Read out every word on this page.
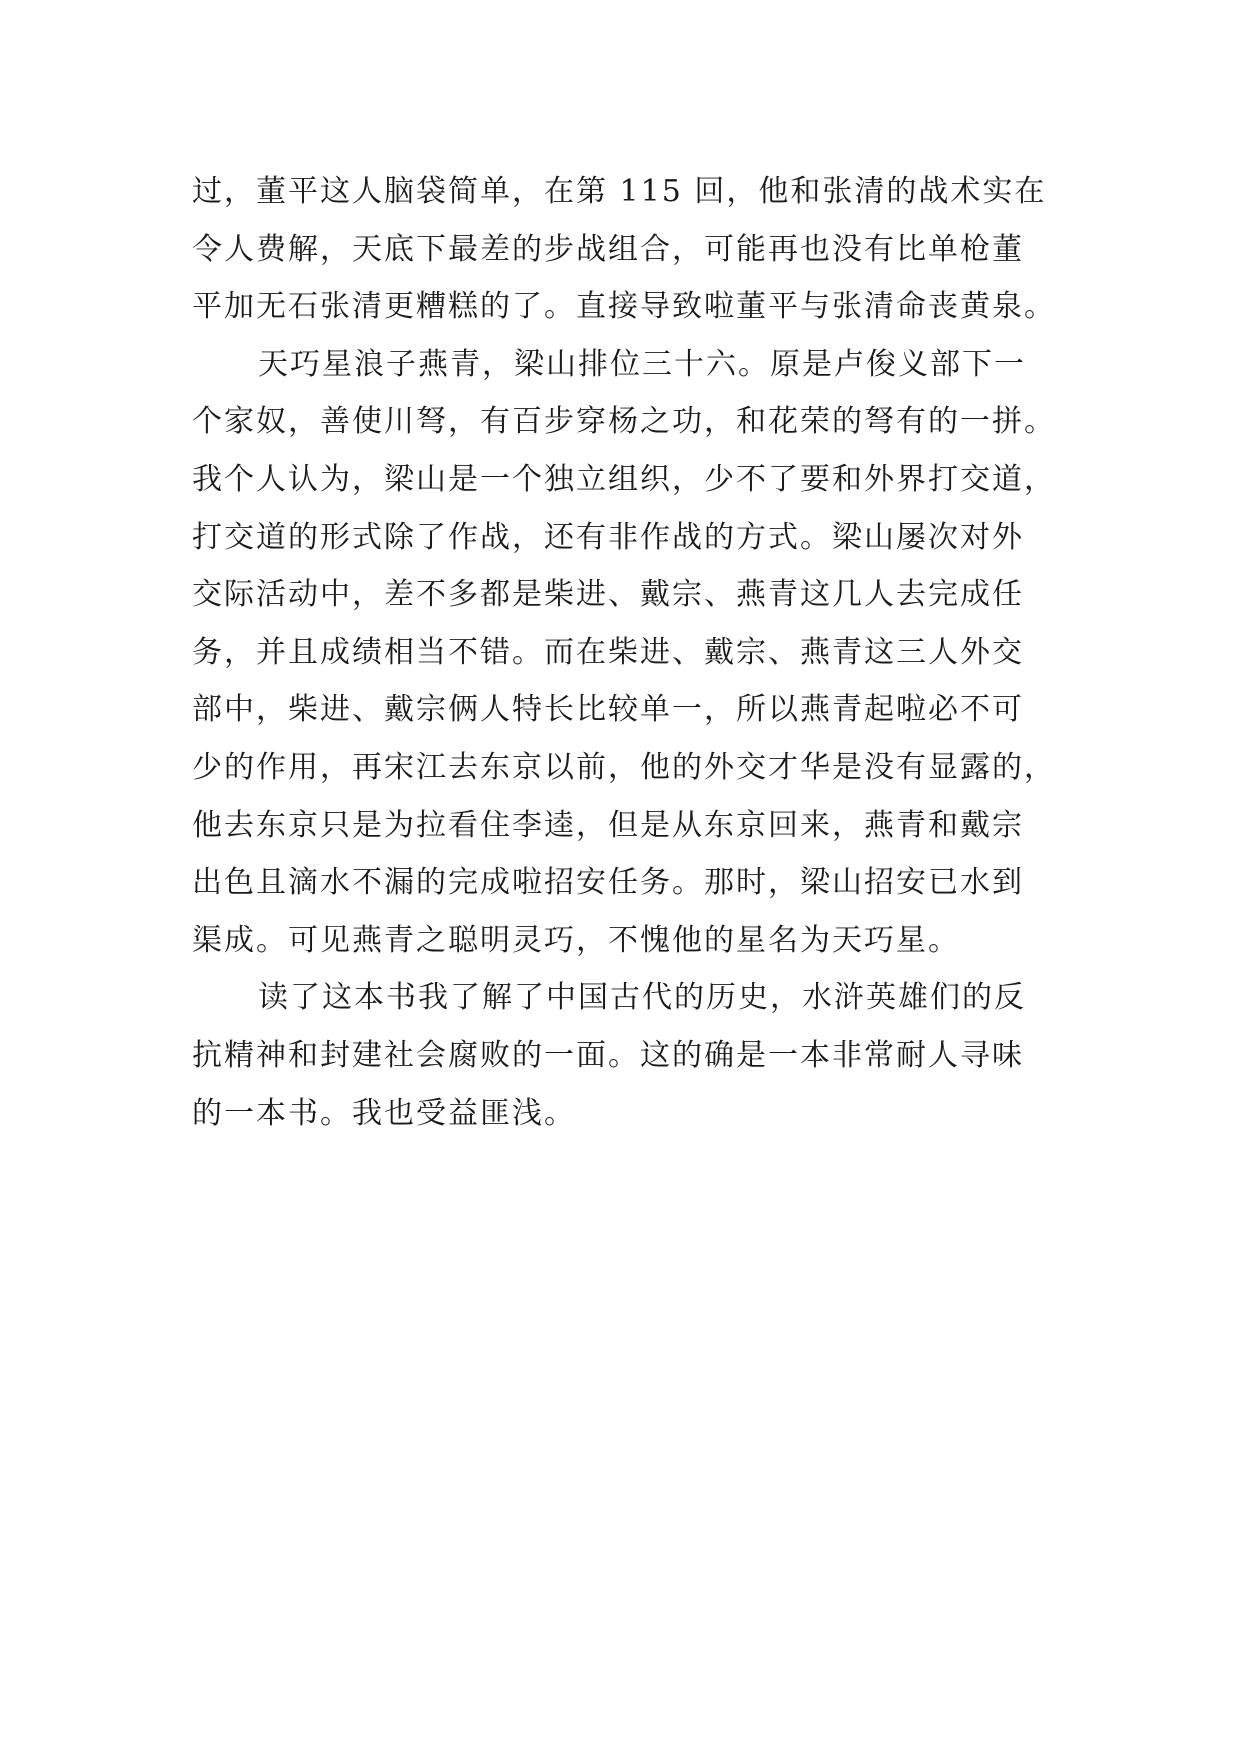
过，董平这人脑袋简单，在第 115 回，他和张清的战术实在
令人费解，天底下最差的步战组合，可能再也没有比单枪董
平加无石张清更糟糕的了。直接导致啦董平与张清命丧黄泉。
天巧星浪子燕青，梁山排位三十六。原是卢俊义部下一
个家奴，善使川弩，有百步穿杨之功，和花荣的弩有的一拼。
我个人认为，梁山是一个独立组织，少不了要和外界打交道，
打交道的形式除了作战，还有非作战的方式。梁山屡次对外
交际活动中，差不多都是柴进、戴宗、燕青这几人去完成任
务，并且成绩相当不错。而在柴进、戴宗、燕青这三人外交
部中，柴进、戴宗俩人特长比较单一，所以燕青起啦必不可
少的作用，再宋江去东京以前，他的外交才华是没有显露的，
他去东京只是为拉看住李逵，但是从东京回来，燕青和戴宗
出色且滴水不漏的完成啦招安任务。那时，梁山招安已水到
渠成。可见燕青之聪明灵巧，不愧他的星名为天巧星。
读了这本书我了解了中国古代的历史，水浒英雄们的反
抗精神和封建社会腐败的一面。这的确是一本非常耐人寻味
的一本书。我也受益匪浅。
